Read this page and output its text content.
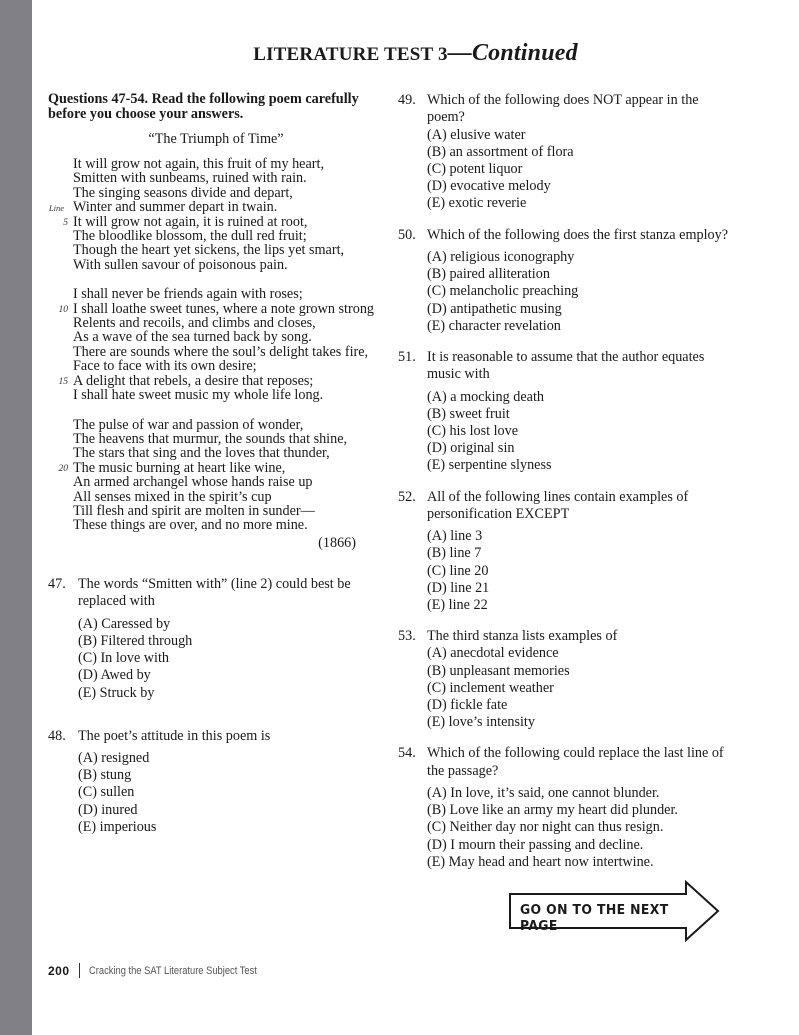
LITERATURE TEST 3—Continued
Questions 47-54. Read the following poem carefully before you choose your answers.
“The Triumph of Time”
It will grow not again, this fruit of my heart,
Smitten with sunbeams, ruined with rain.
The singing seasons divide and depart,
Line Winter and summer depart in twain.
5 It will grow not again, it is ruined at root,
The bloodlike blossom, the dull red fruit;
Though the heart yet sickens, the lips yet smart,
With sullen savour of poisonous pain.
I shall never be friends again with roses;
10 I shall loathe sweet tunes, where a note grown strong
Relents and recoils, and climbs and closes,
As a wave of the sea turned back by song.
There are sounds where the soul’s delight takes fire,
Face to face with its own desire;
15 A delight that rebels, a desire that reposes;
I shall hate sweet music my whole life long.
The pulse of war and passion of wonder,
The heavens that murmur, the sounds that shine,
The stars that sing and the loves that thunder,
20 The music burning at heart like wine,
An armed archangel whose hands raise up
All senses mixed in the spirit’s cup
Till flesh and spirit are molten in sunder—
These things are over, and no more mine.
(1866)
47. The words “Smitten with” (line 2) could best be replaced with
(A) Caressed by
(B) Filtered through
(C) In love with
(D) Awed by
(E) Struck by
48. The poet’s attitude in this poem is
(A) resigned
(B) stung
(C) sullen
(D) inured
(E) imperious
49. Which of the following does NOT appear in the poem?
(A) elusive water
(B) an assortment of flora
(C) potent liquor
(D) evocative melody
(E) exotic reverie
50. Which of the following does the first stanza employ?
(A) religious iconography
(B) paired alliteration
(C) melancholic preaching
(D) antipathetic musing
(E) character revelation
51. It is reasonable to assume that the author equates music with
(A) a mocking death
(B) sweet fruit
(C) his lost love
(D) original sin
(E) serpentine slyness
52. All of the following lines contain examples of personification EXCEPT
(A) line 3
(B) line 7
(C) line 20
(D) line 21
(E) line 22
53. The third stanza lists examples of
(A) anecdotal evidence
(B) unpleasant memories
(C) inclement weather
(D) fickle fate
(E) love’s intensity
54. Which of the following could replace the last line of the passage?
(A) In love, it’s said, one cannot blunder.
(B) Love like an army my heart did plunder.
(C) Neither day nor night can thus resign.
(D) I mourn their passing and decline.
(E) May head and heart now intertwine.
GO ON TO THE NEXT PAGE
200 Cracking the SAT Literature Subject Test
